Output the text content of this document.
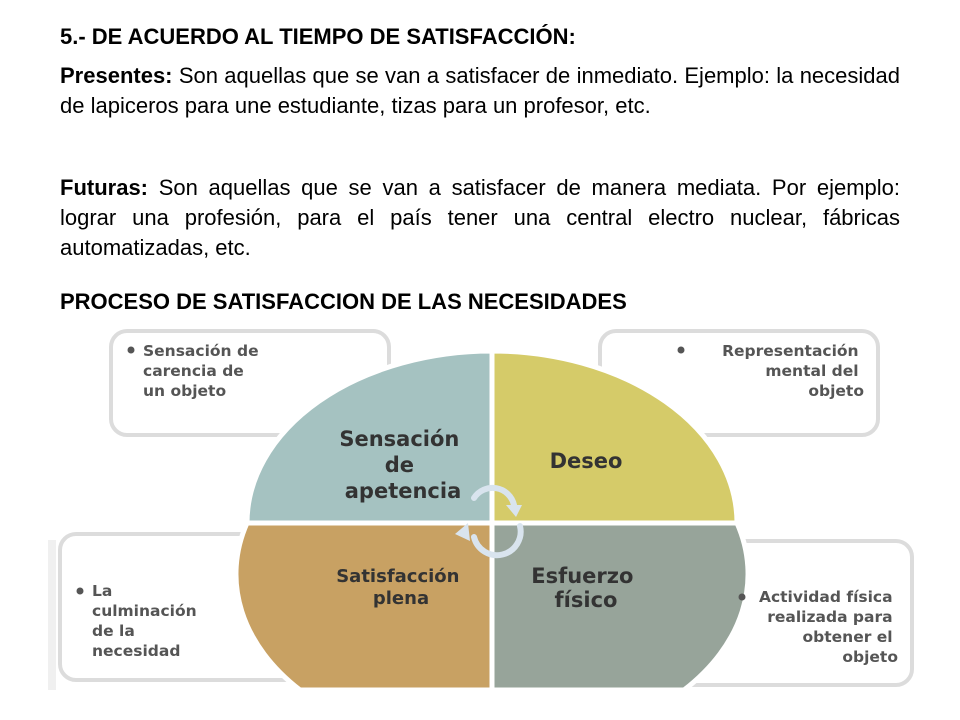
5.- DE ACUERDO AL TIEMPO DE SATISFACCIÓN:
Presentes: Son aquellas que se van a satisfacer de inmediato. Ejemplo: la necesidad de lapiceros para une estudiante, tizas para un profesor, etc.
Futuras: Son aquellas que se van a satisfacer de manera mediata. Por ejemplo: lograr una profesión, para el país tener una central electro nuclear, fábricas automatizadas, etc.
PROCESO DE SATISFACCION DE LAS NECESIDADES
Sensación de apetencia
Deseo
Satisfacción plena
Esfuerzo físico
Sensación de carencia de un objeto
Representación mental del objeto
La culminación de la necesidad
Actividad física realizada para obtener el objeto
